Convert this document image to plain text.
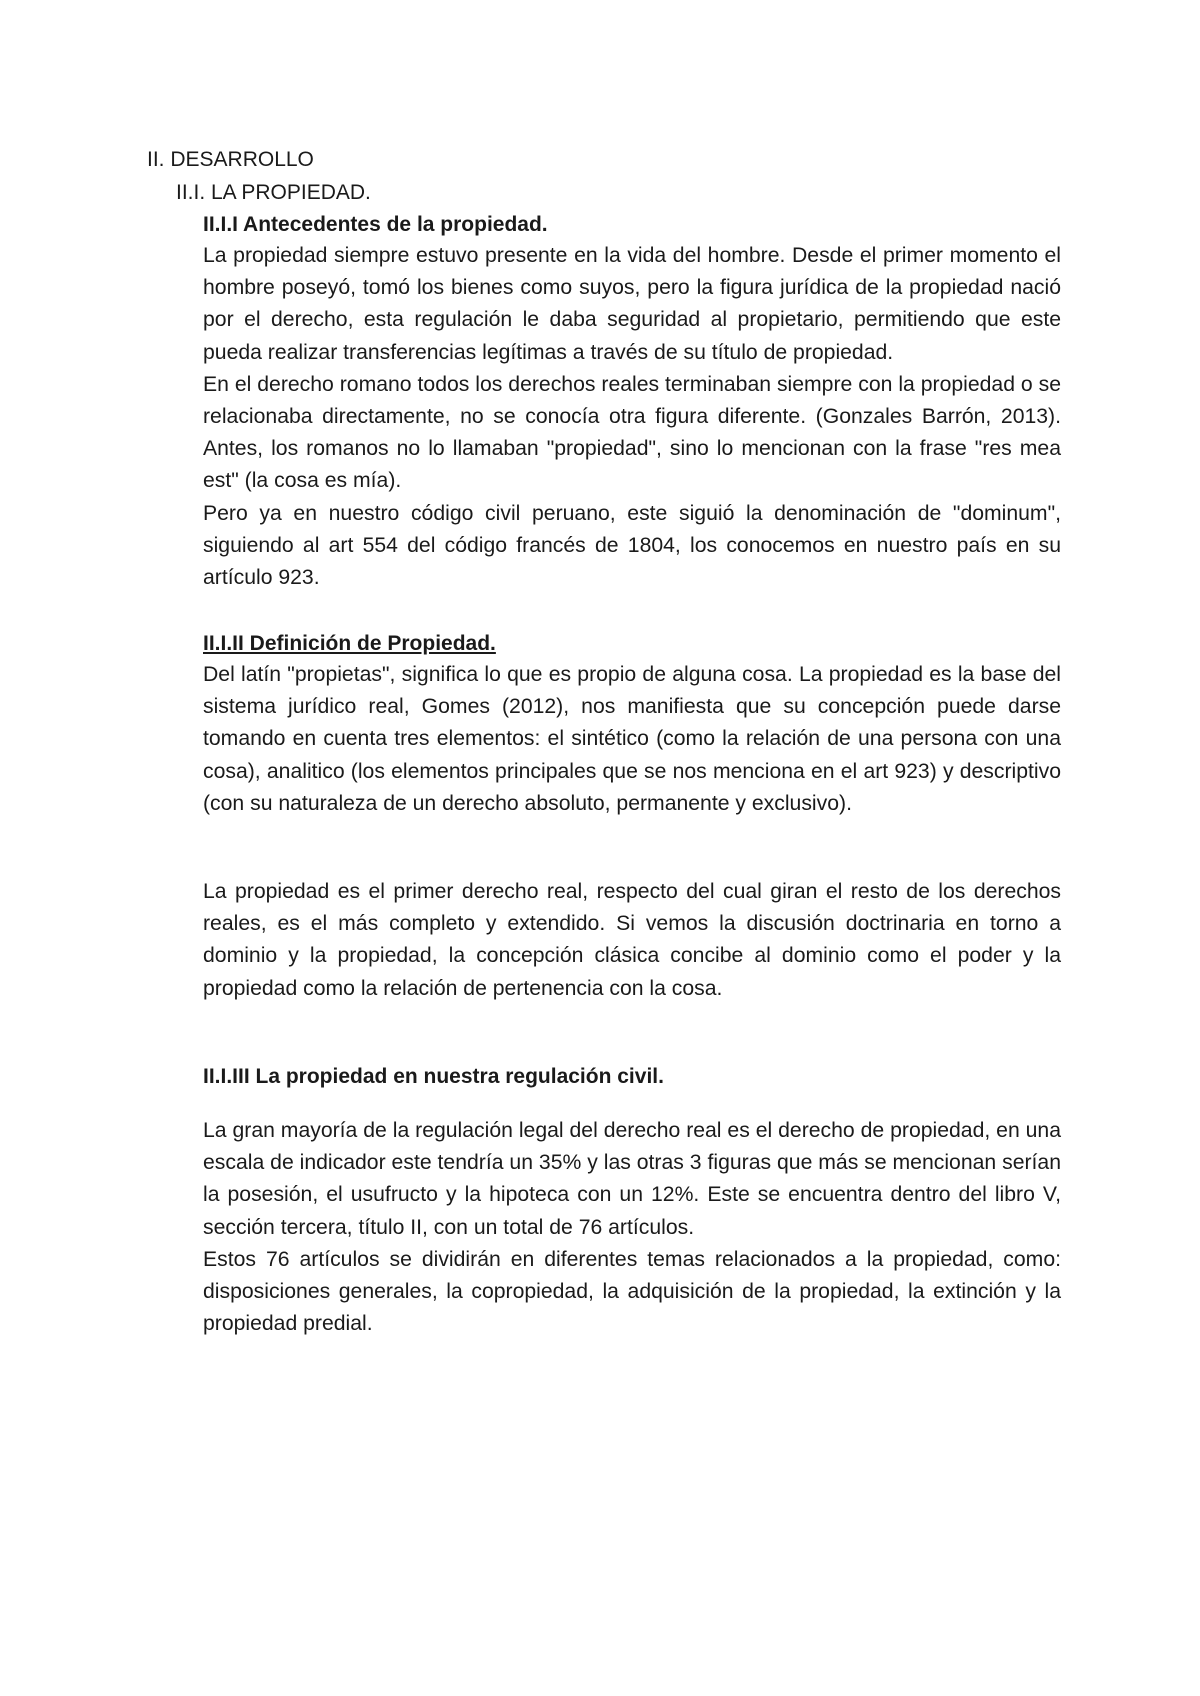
II. DESARROLLO
II.I. LA PROPIEDAD.
II.I.I Antecedentes de la propiedad.

La propiedad siempre estuvo presente en la vida del hombre. Desde el primer momento el hombre poseyó, tomó los bienes como suyos, pero la figura jurídica de la propiedad nació por el derecho, esta regulación le daba seguridad al propietario, permitiendo que este pueda realizar transferencias legítimas a través de su título de propiedad.

En el derecho romano todos los derechos reales terminaban siempre con la propiedad o se relacionaba directamente, no se conocía otra figura diferente. (Gonzales Barrón, 2013). Antes, los romanos no lo llamaban "propiedad", sino lo mencionan con la frase "res mea est" (la cosa es mía).

Pero ya en nuestro código civil peruano, este siguió la denominación de "dominum", siguiendo al art 554 del código francés de 1804, los conocemos en nuestro país en su artículo 923.

II.I.II Definición de Propiedad.

Del latín "propietas", significa lo que es propio de alguna cosa. La propiedad es la base del sistema jurídico real, Gomes (2012), nos manifiesta que su concepción puede darse tomando en cuenta tres elementos: el sintético (como la relación de una persona con una cosa), analitico (los elementos principales que se nos menciona en el art 923) y descriptivo (con su naturaleza de un derecho absoluto, permanente y exclusivo).

La propiedad es el primer derecho real, respecto del cual giran el resto de los derechos reales, es el más completo y extendido. Si vemos la discusión doctrinaria en torno a dominio y la propiedad, la concepción clásica concibe al dominio como el poder y la propiedad como la relación de pertenencia con la cosa.

II.I.III La propiedad en nuestra regulación civil.

La gran mayoría de la regulación legal del derecho real es el derecho de propiedad, en una escala de indicador este tendría un 35% y las otras 3 figuras que más se mencionan serían la posesión, el usufructo y la hipoteca con un 12%. Este se encuentra dentro del libro V, sección tercera, título II, con un total de 76 artículos.

Estos 76 artículos se dividirán en diferentes temas relacionados a la propiedad, como: disposiciones generales, la copropiedad, la adquisición de la propiedad, la extinción y la propiedad predial.
